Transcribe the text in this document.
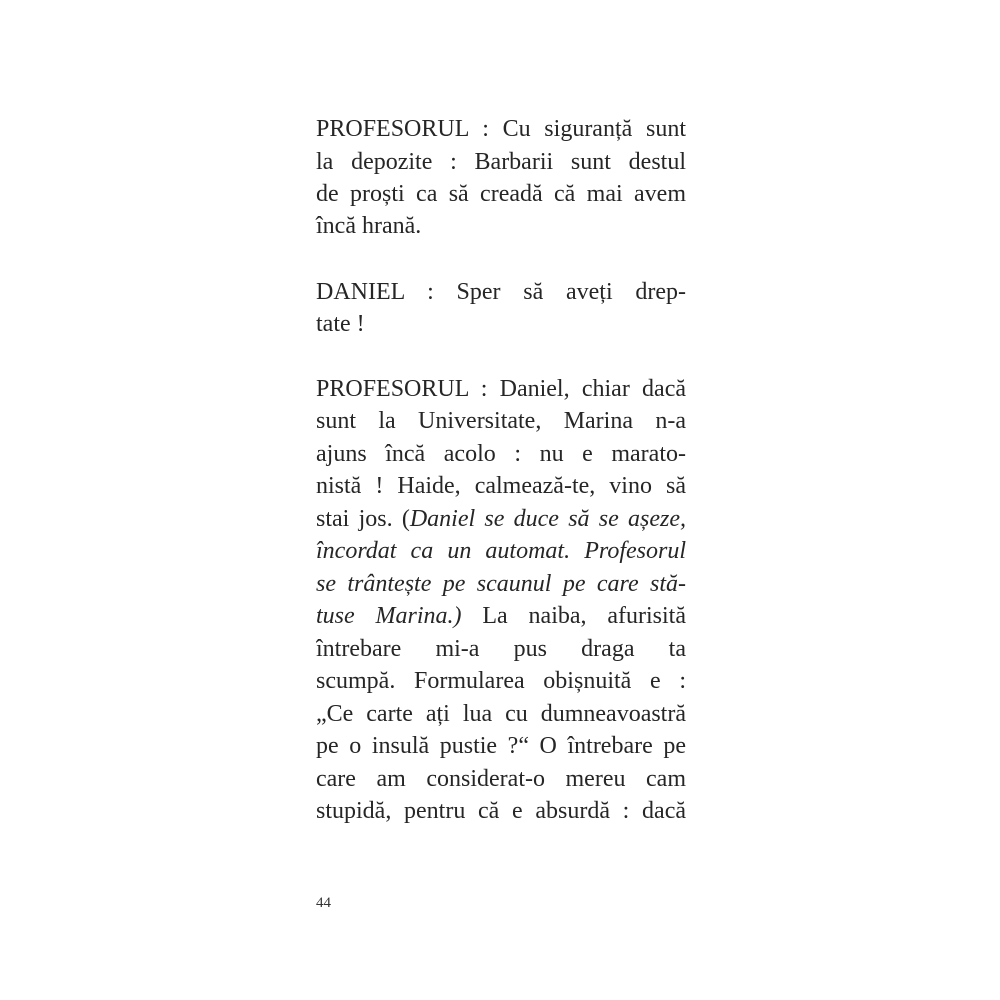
PROFESORUL : Cu siguranță sunt
la depozite : Barbarii sunt destul
de proști ca să creadă că mai avem
încă hrană.
DANIEL : Sper să aveți drep-
tate !
PROFESORUL : Daniel, chiar dacă
sunt la Universitate, Marina n-a
ajuns încă acolo : nu e marato-
nistă ! Haide, calmează-te, vino să
stai jos. (Daniel se duce să se așeze,
încordat ca un automat. Profesorul
se trântește pe scaunul pe care stă-
tuse Marina.) La naiba, afurisită
întrebare mi-a pus draga ta
scumpă. Formularea obișnuită e :
„Ce carte ați lua cu dumneavoastră
pe o insulă pustie ?“ O întrebare pe
care am considerat-o mereu cam
stupidă, pentru că e absurdă : dacă
44
